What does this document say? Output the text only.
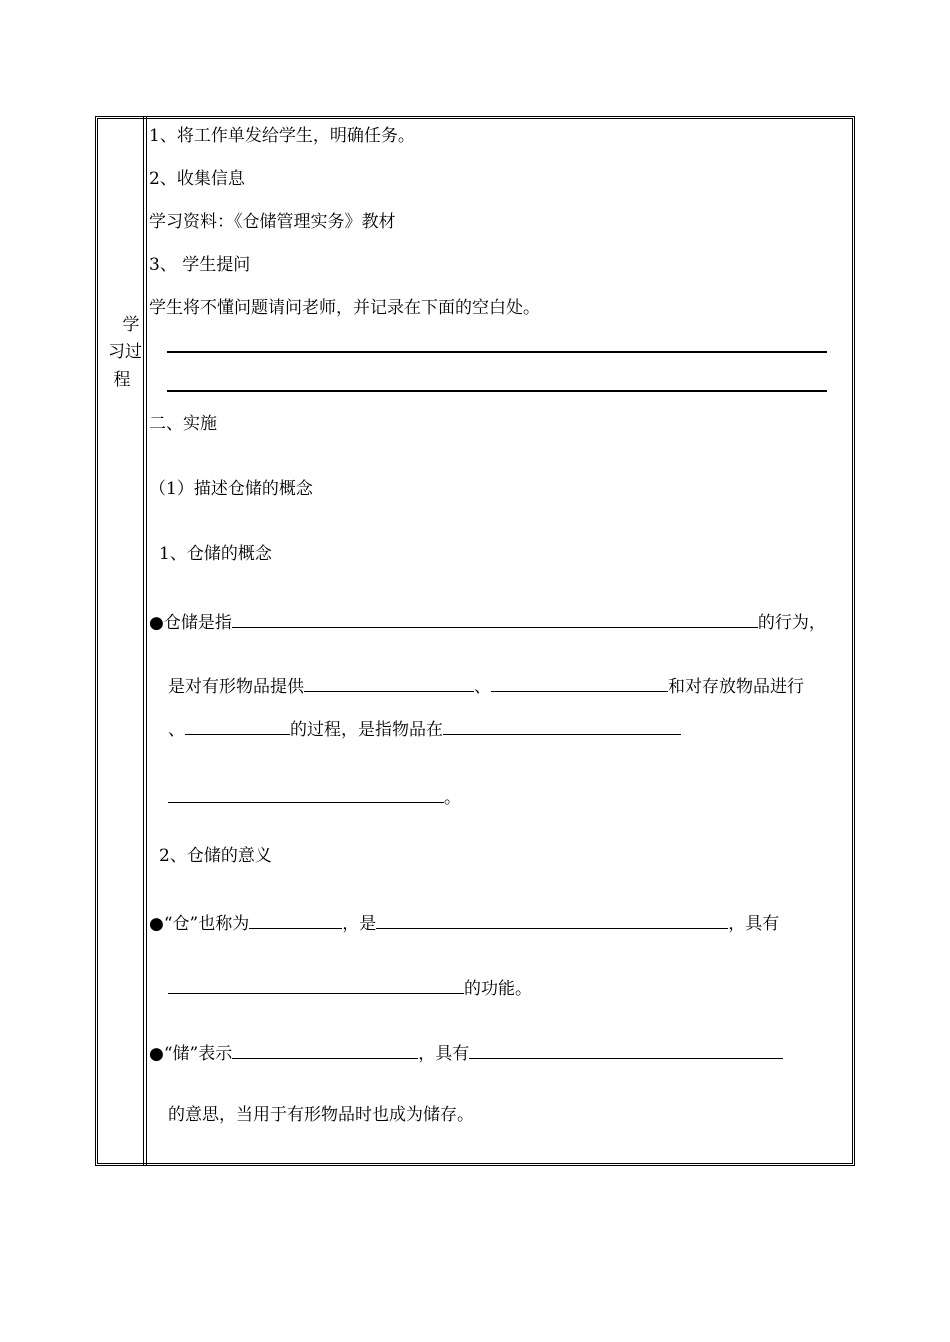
学
习过
程
1、将工作单发给学生，明确任务。
2、收集信息
学习资料：《仓储管理实务》教材
3、 学生提问
学生将不懂问题请问老师，并记录在下面的空白处。
二、实施
（1）描述仓储的概念
1、仓储的概念
●仓储是指	的行为，
是对有形物品提供	、	和对存放物品进行
、	的过程，是指物品在
。
2、仓储的意义
●“仓”也称为	，是	，具有
的功能。
●“储”表示	，具有
的意思，当用于有形物品时也成为储存。
